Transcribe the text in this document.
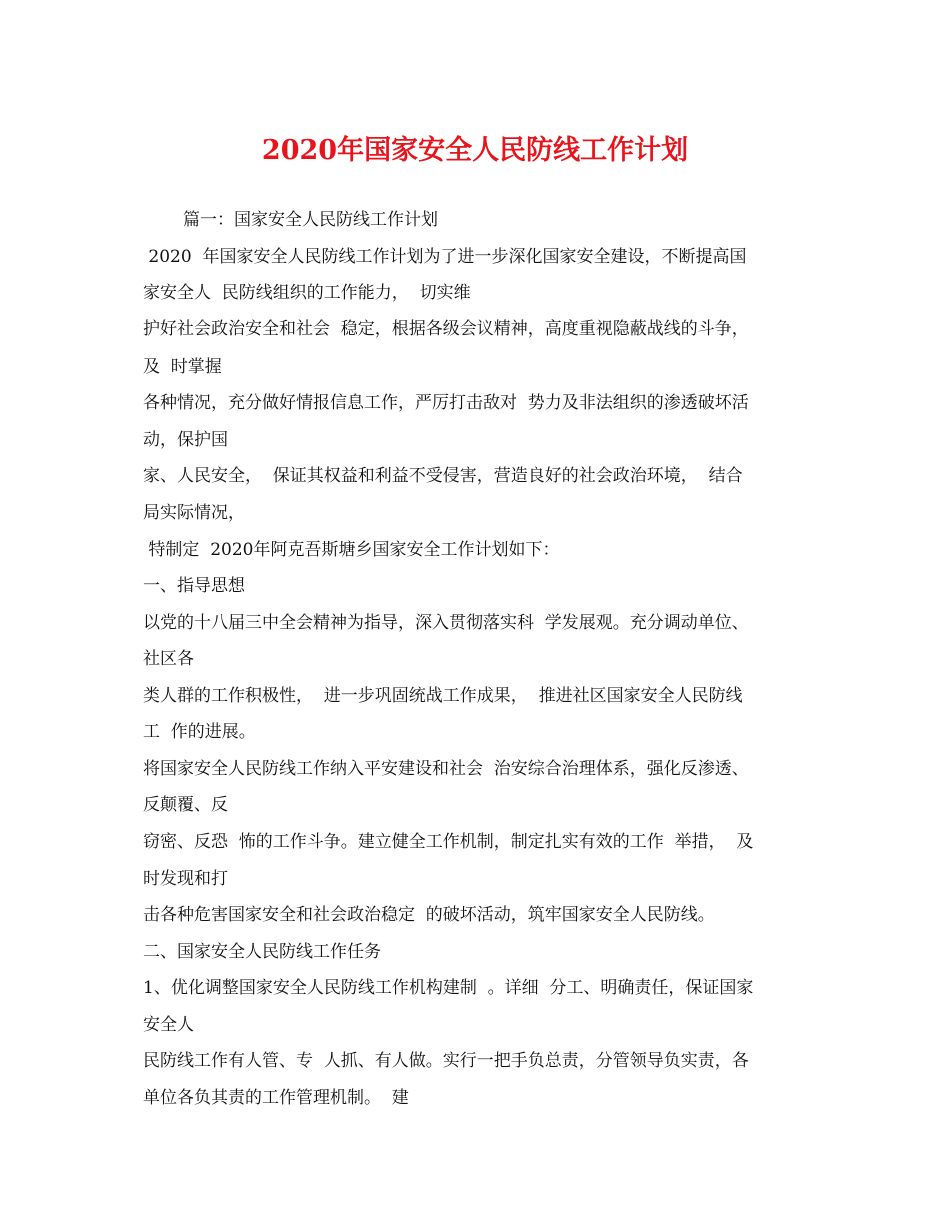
2020年国家安全人民防线工作计划
篇一：国家安全人民防线工作计划
2020  年国家安全人民防线工作计划为了进一步深化国家安全建设，不断提高国
家安全人  民防线组织的工作能力，  切实维
护好社会政治安全和社会  稳定，根据各级会议精神，高度重视隐蔽战线的斗争，
及  时掌握
各种情况，充分做好情报信息工作，严厉打击敌对  势力及非法组织的渗透破坏活
动，保护国
家、人民安全，  保证其权益和利益不受侵害，营造良好的社会政治环境，  结合
局实际情况，
特制定  2020年阿克吾斯塘乡国家安全工作计划如下：
一、指导思想
以党的十八届三中全会精神为指导，深入贯彻落实科  学发展观。充分调动单位、
社区各
类人群的工作积极性，  进一步巩固统战工作成果，  推进社区国家安全人民防线
工  作的进展。
将国家安全人民防线工作纳入平安建设和社会  治安综合治理体系，强化反渗透、
反颠覆、反
窃密、反恐  怖的工作斗争。建立健全工作机制，制定扎实有效的工作  举措，  及
时发现和打
击各种危害国家安全和社会政治稳定  的破坏活动，筑牢国家安全人民防线。
二、国家安全人民防线工作任务
1、优化调整国家安全人民防线工作机构建制  。详细  分工、明确责任，保证国家
安全人
民防线工作有人管、专  人抓、有人做。实行一把手负总责，分管领导负实责，各
单位各负其责的工作管理机制。  建
